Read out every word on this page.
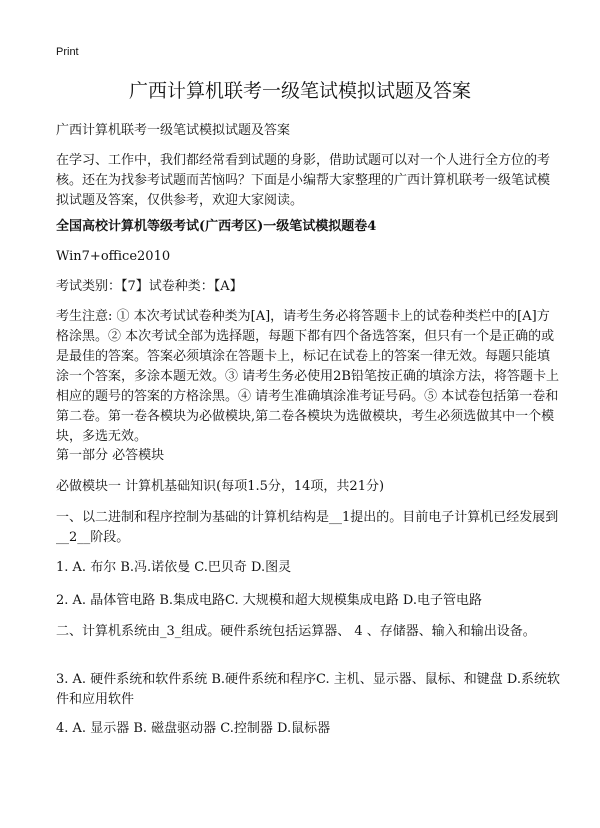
Print
广西计算机联考一级笔试模拟试题及答案

广西计算机联考一级笔试模拟试题及答案

在学习、工作中，我们都经常看到试题的身影，借助试题可以对一个人进行全方位的考核。还在为找参考试题而苦恼吗？下面是小编帮大家整理的广西计算机联考一级笔试模拟试题及答案，仅供参考，欢迎大家阅读。

全国高校计算机等级考试(广西考区)一级笔试模拟题卷4

Win7+office2010

考试类别：【7】试卷种类：【A】

考生注意: ① 本次考试试卷种类为[A]，请考生务必将答题卡上的试卷种类栏中的[A]方格涂黑。② 本次考试全部为选择题，每题下都有四个备选答案，但只有一个是正确的或是最佳的答案。答案必须填涂在答题卡上，标记在试卷上的答案一律无效。每题只能填涂一个答案，多涂本题无效。③ 请考生务必使用2B铅笔按正确的填涂方法，将答题卡上相应的题号的答案的方格涂黑。④ 请考生准确填涂准考证号码。⑤ 本试卷包括第一卷和第二卷。第一卷各模块为必做模块,第二卷各模块为选做模块，考生必须选做其中一个模块，多选无效。

第一部分 必答模块

必做模块一 计算机基础知识(每项1.5分，14项，共21分)

一、以二进制和程序控制为基础的计算机结构是__1提出的。目前电子计算机已经发展到__2__阶段。

1. A. 布尔 B.冯.诺依曼 C.巴贝奇 D.图灵

2. A. 晶体管电路 B.集成电路C. 大规模和超大规模集成电路 D.电子管电路

二、计算机系统由_3_组成。硬件系统包括运算器、 4 、存储器、输入和输出设备。

3. A. 硬件系统和软件系统 B.硬件系统和程序C. 主机、显示器、鼠标、和键盘 D.系统软件和应用软件

4. A. 显示器 B. 磁盘驱动器 C.控制器 D.鼠标器
